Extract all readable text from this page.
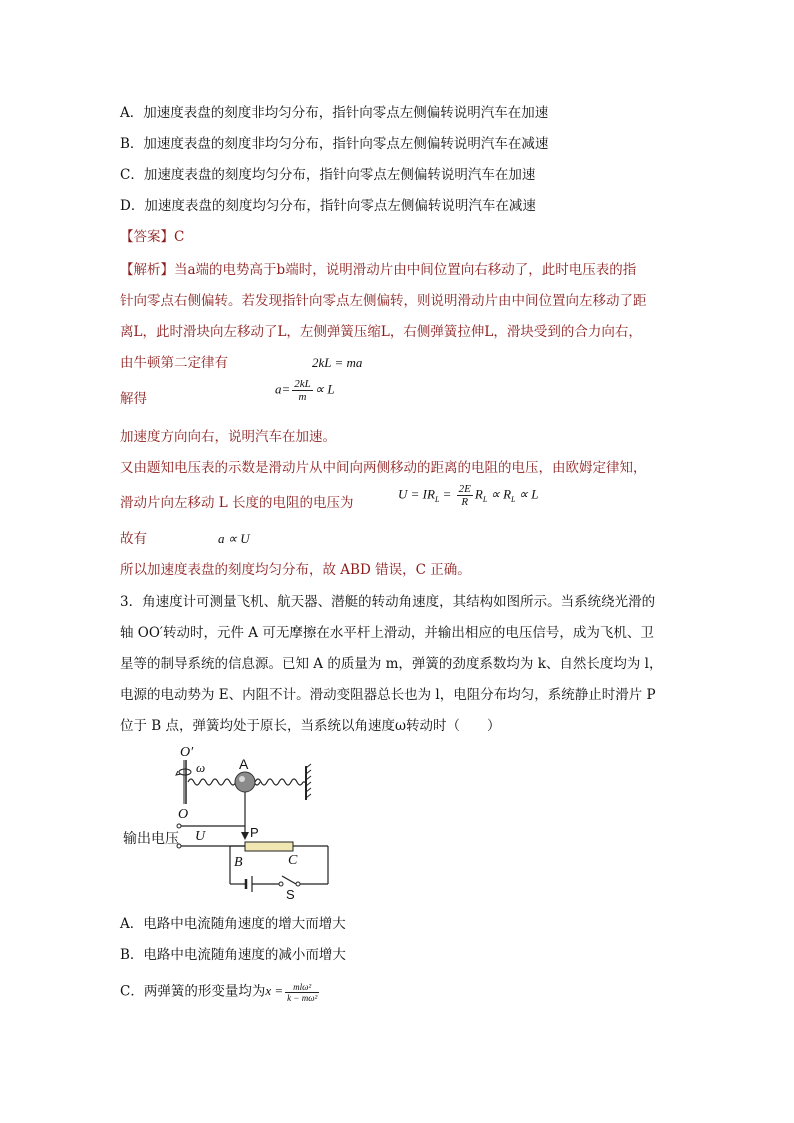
A．加速度表盘的刻度非均匀分布，指针向零点左侧偏转说明汽车在加速
B．加速度表盘的刻度非均匀分布，指针向零点左侧偏转说明汽车在减速
C．加速度表盘的刻度均匀分布，指针向零点左侧偏转说明汽车在加速
D．加速度表盘的刻度均匀分布，指针向零点左侧偏转说明汽车在减速
【答案】C
【解析】当a端的电势高于b端时，说明滑动片由中间位置向右移动了，此时电压表的指
针向零点右侧偏转。若发现指针向零点左侧偏转，则说明滑动片由中间位置向左移动了距
离L，此时滑块向左移动了L，左侧弹簧压缩L，右侧弹簧拉伸L，滑块受到的合力向右，
由牛顿第二定律有	2kL = ma
解得
$a= \frac{2kL}{m} \propto L$
加速度方向向右，说明汽车在加速。
又由题知电压表的示数是滑动片从中间向两侧移动的距离的电阻的电压，由欧姆定律知，
滑动片向左移动 L 长度的电阻的电压为
$U = IR_L = \frac{2E}{R} R_L \propto R_L \propto L$
故有	a ∝ U
所以加速度表盘的刻度均匀分布，故 ABD 错误，C 正确。
3．角速度计可测量飞机、航天器、潜艇的转动角速度，其结构如图所示。当系统绕光滑的
轴 OO′转动时，元件 A 可无摩擦在水平杆上滑动，并输出相应的电压信号，成为飞机、卫
星等的制导系统的信息源。已知 A 的质量为 m，弹簧的劲度系数均为 k、自然长度均为 l，
电源的电动势为 E、内阻不计。滑动变阻器总长也为 l，电阻分布均匀，系统静止时滑片 P
位于 B 点，弹簧均处于原长，当系统以角速度ω转动时（　　）
O′
ω A
O
输出电压 U	P
B	C
S
A．电路中电流随角速度的增大而增大
B．电路中电流随角速度的减小而增大
C．两弹簧的形变量均为$x = \frac{\text{mlω²}}{\text{k − mω²}}$
